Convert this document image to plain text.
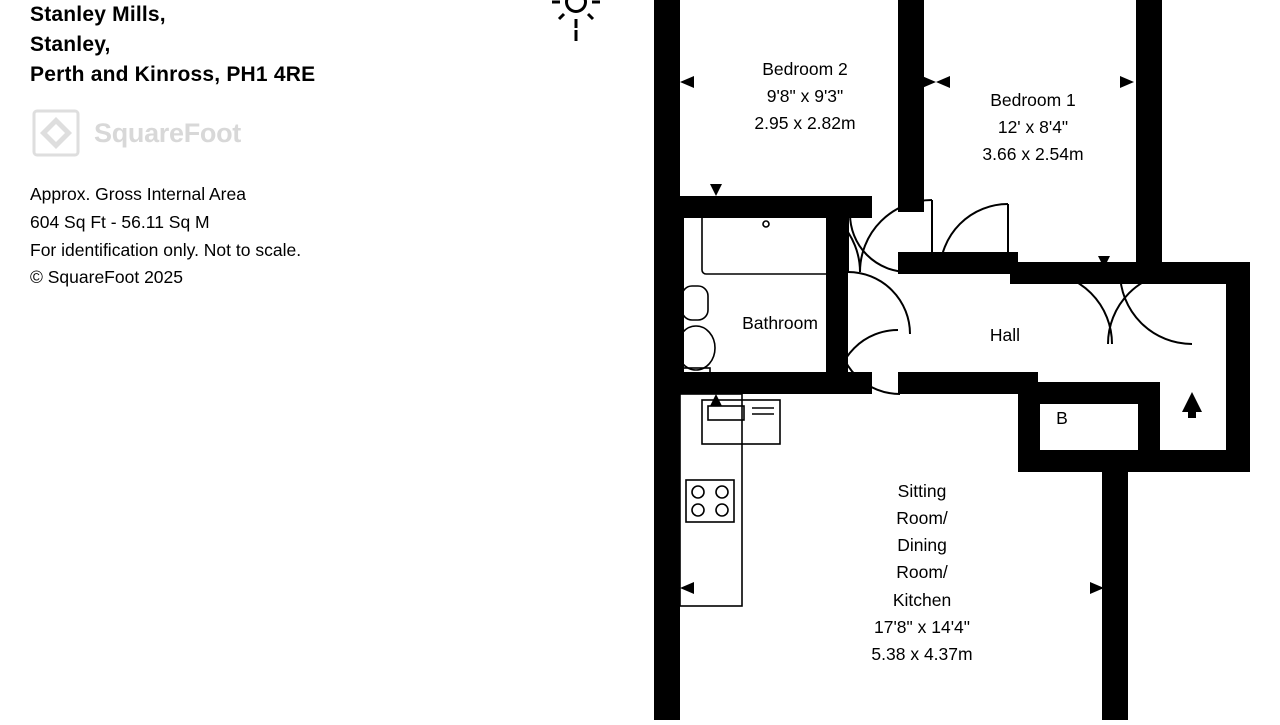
Stanley Mills,
Stanley,
Perth and Kinross, PH1 4RE
SquareFoot
Approx. Gross Internal Area
604 Sq Ft - 56.11 Sq M
For identification only. Not to scale.
© SquareFoot 2025
Bedroom 2
9'8" x 9'3"
2.95 x 2.82m
Bedroom 1
12' x 8'4"
3.66 x 2.54m
Bathroom
Hall
Sitting
Room/
Dining
Room/
Kitchen
17'8" x 14'4"
5.38 x 4.37m
B
